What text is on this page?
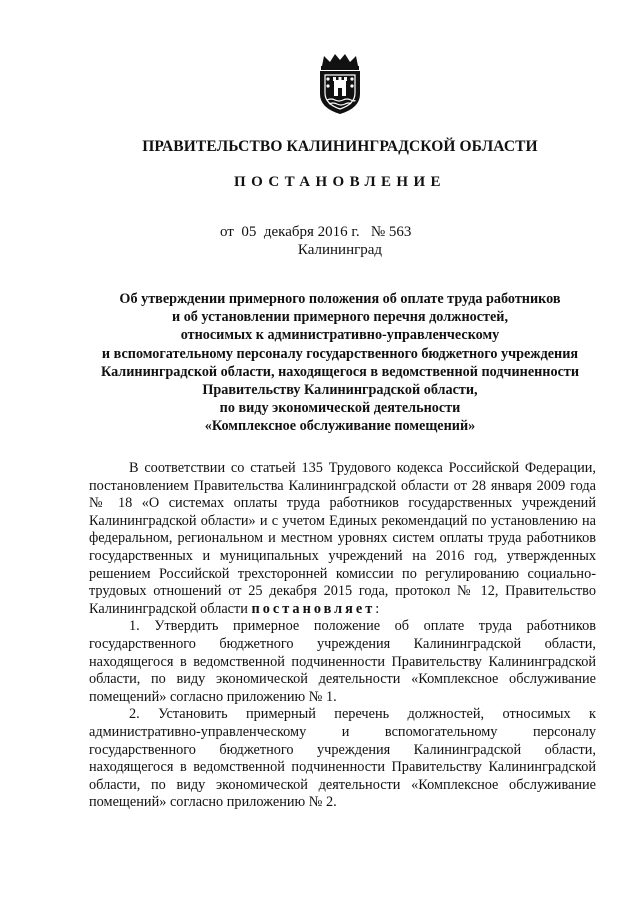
ПРАВИТЕЛЬСТВО КАЛИНИНГРАДСКОЙ ОБЛАСТИ
ПОСТАНОВЛЕНИЕ
от  05  декабря 2016 г.   № 563
Калининград
Об утверждении примерного положения об оплате труда работников
и об установлении примерного перечня должностей,
относимых к административно-управленческому
и вспомогательному персоналу государственного бюджетного учреждения
Калининградской области, находящегося в ведомственной подчиненности
Правительству Калининградской области,
по виду экономической деятельности
«Комплексное обслуживание помещений»

В соответствии со статьей 135 Трудового кодекса Российской Федерации, постановлением Правительства Калининградской области от 28 января 2009 года № 18 «О системах оплаты труда работников государственных учреждений Калининградской области» и с учетом Единых рекомендаций по установлению на федеральном, региональном и местном уровнях систем оплаты труда работников государственных и муниципальных учреждений на 2016 год, утвержденных решением Российской трехсторонней комиссии по регулированию социально-трудовых отношений от 25 декабря 2015 года, протокол № 12, Правительство Калининградской области постановляет:

1. Утвердить примерное положение об оплате труда работников государственного бюджетного учреждения Калининградской области, находящегося в ведомственной подчиненности Правительству Калининградской области, по виду экономической деятельности «Комплексное обслуживание помещений» согласно приложению № 1.

2. Установить примерный перечень должностей, относимых к административно-управленческому и вспомогательному персоналу государственного бюджетного учреждения Калининградской области, находящегося в ведомственной подчиненности Правительству Калининградской области, по виду экономической деятельности «Комплексное обслуживание помещений» согласно приложению № 2.
